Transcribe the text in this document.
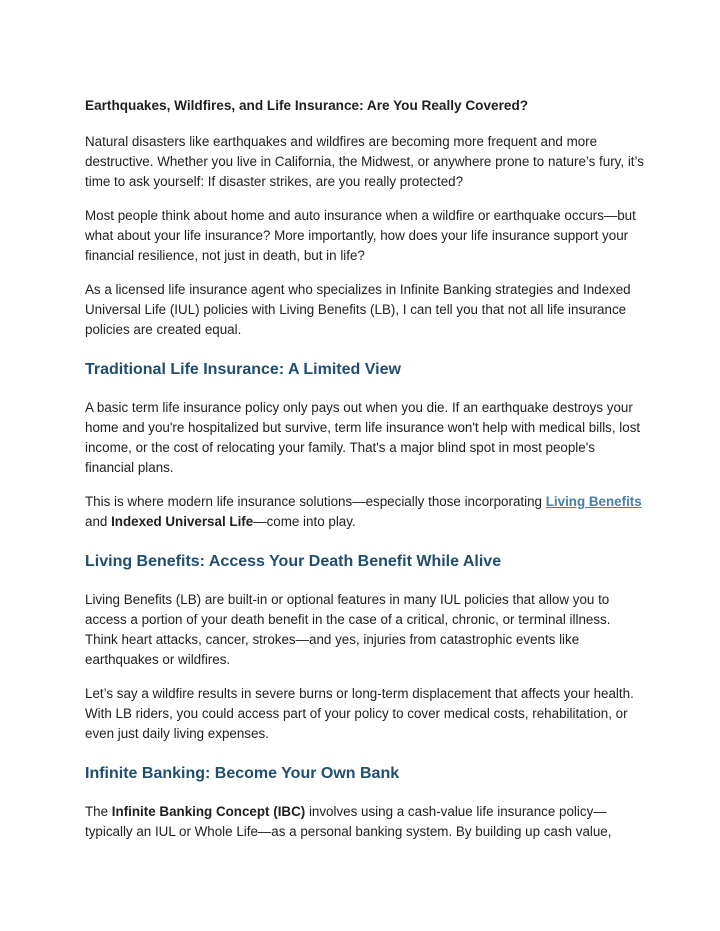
Earthquakes, Wildfires, and Life Insurance: Are You Really Covered?

Natural disasters like earthquakes and wildfires are becoming more frequent and more destructive. Whether you live in California, the Midwest, or anywhere prone to nature’s fury, it’s time to ask yourself: If disaster strikes, are you really protected?

Most people think about home and auto insurance when a wildfire or earthquake occurs—but what about your life insurance? More importantly, how does your life insurance support your financial resilience, not just in death, but in life?

As a licensed life insurance agent who specializes in Infinite Banking strategies and Indexed Universal Life (IUL) policies with Living Benefits (LB), I can tell you that not all life insurance policies are created equal.

Traditional Life Insurance: A Limited View

A basic term life insurance policy only pays out when you die. If an earthquake destroys your home and you're hospitalized but survive, term life insurance won't help with medical bills, lost income, or the cost of relocating your family. That's a major blind spot in most people's financial plans.

This is where modern life insurance solutions—especially those incorporating Living Benefits and Indexed Universal Life—come into play.

Living Benefits: Access Your Death Benefit While Alive

Living Benefits (LB) are built-in or optional features in many IUL policies that allow you to access a portion of your death benefit in the case of a critical, chronic, or terminal illness. Think heart attacks, cancer, strokes—and yes, injuries from catastrophic events like earthquakes or wildfires.

Let’s say a wildfire results in severe burns or long-term displacement that affects your health. With LB riders, you could access part of your policy to cover medical costs, rehabilitation, or even just daily living expenses.

Infinite Banking: Become Your Own Bank

The Infinite Banking Concept (IBC) involves using a cash-value life insurance policy—typically an IUL or Whole Life—as a personal banking system. By building up cash value,
